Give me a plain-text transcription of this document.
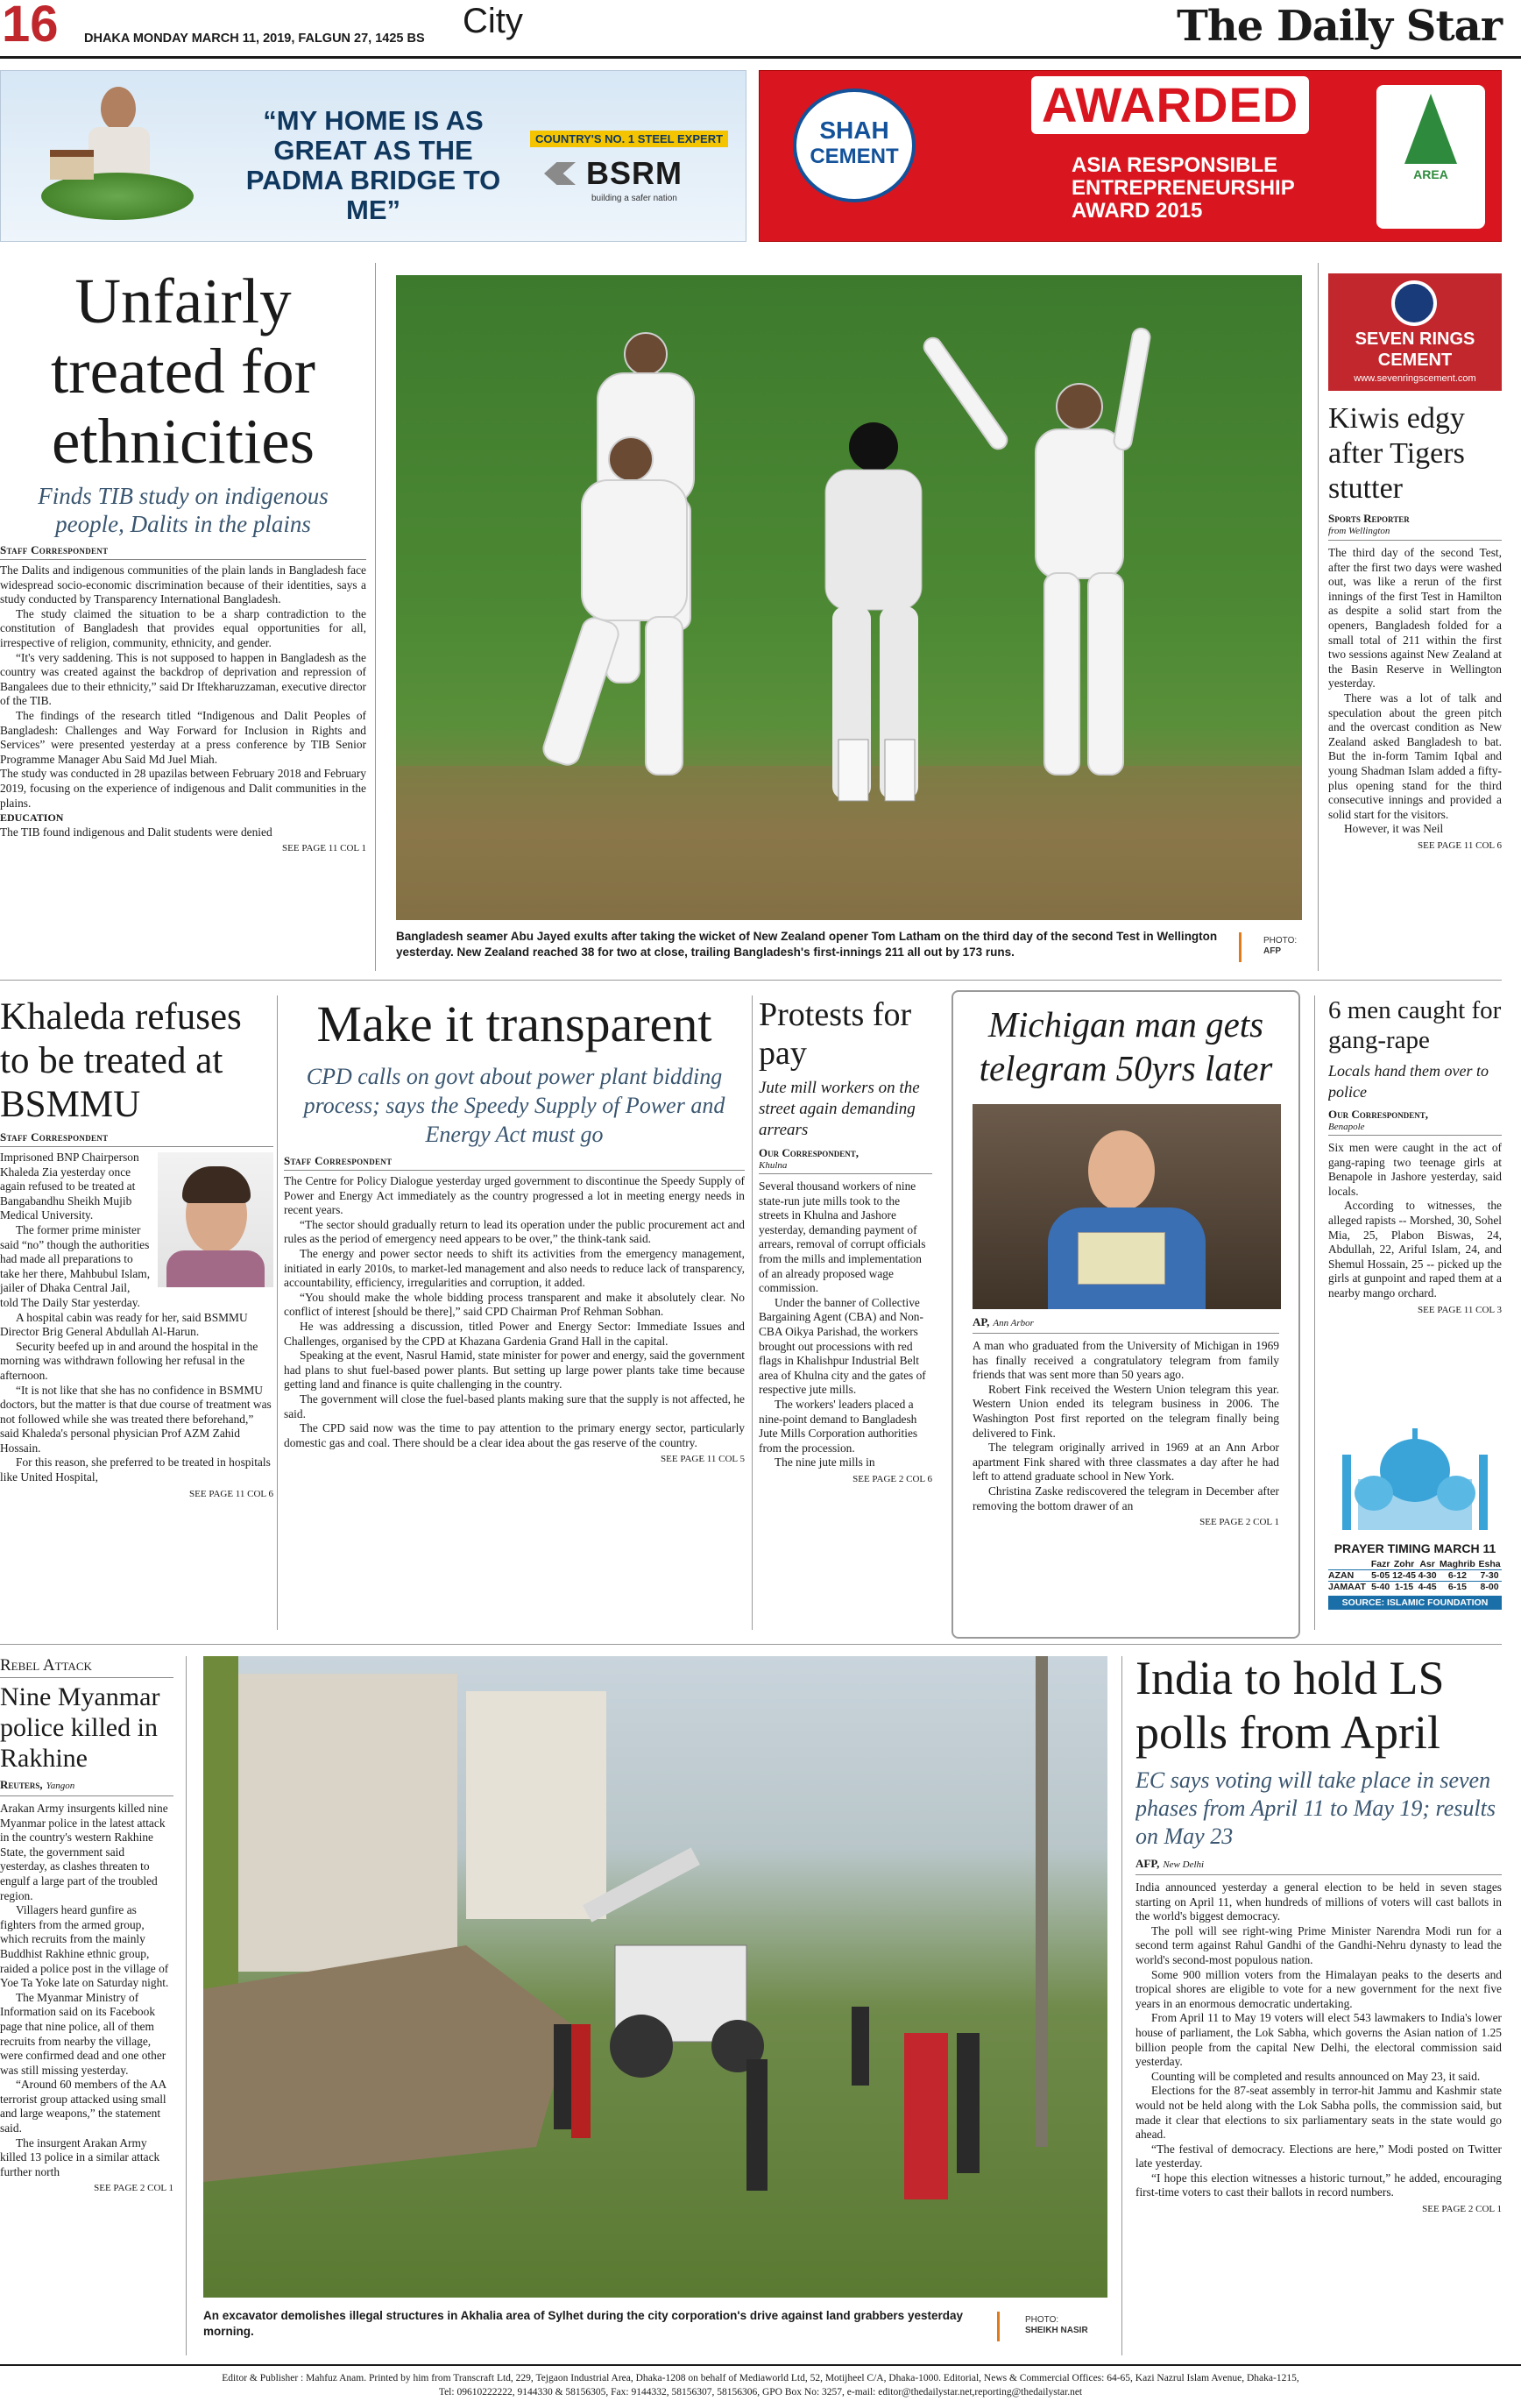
16 DHAKA MONDAY MARCH 11, 2019, FALGUN 27, 1425 BS City	The Daily Star
“MY HOME IS AS GREAT AS THE PADMA BRIDGE TO ME”
COUNTRY'S NO. 1 STEEL EXPERT
BSRM
building a safer nation
SHAH
CEMENT
AWARDED
ASIA RESPONSIBLE
ENTREPRENEURSHIP
AWARD 2015
AREA
SEVEN RINGS
CEMENT
www.sevenringscement.com
Unfairly treated for ethnicities
Finds TIB study on indigenous people, Dalits in the plains
Staff Correspondent

The Dalits and indigenous communities of the plain lands in Bangladesh face widespread socio-economic discrimination because of their identities, says a study conducted by Transparency International Bangladesh.

The study claimed the situation to be a sharp contradiction to the constitution of Bangladesh that provides equal opportunities for all, irrespective of religion, community, ethnicity, and gender.

“It's very saddening. This is not supposed to happen in Bangladesh as the country was created against the backdrop of deprivation and repression of Bangalees due to their ethnicity,” said Dr Iftekharuzzaman, executive director of the TIB.

The findings of the research titled “Indigenous and Dalit Peoples of Bangladesh: Challenges and Way Forward for Inclusion in Rights and Services” were presented yesterday at a press conference by TIB Senior Programme Manager Abu Said Md Juel Miah.

The study was conducted in 28 upazilas between February 2018 and February 2019, focusing on the experience of indigenous and Dalit communities in the plains.

EDUCATION

The TIB found indigenous and Dalit students were denied

SEE PAGE 11 COL 1
Bangladesh seamer Abu Jayed exults after taking the wicket of New Zealand opener Tom Latham on the third day of the second Test in Wellington yesterday. New Zealand reached 38 for two at close, trailing Bangladesh's first-innings 211 all out by 173 runs.
PHOTO:
AFP
Kiwis edgy after Tigers stutter
Sports Reporter
from Wellington

The third day of the second Test, after the first two days were washed out, was like a rerun of the first innings of the first Test in Hamilton as despite a solid start from the openers, Bangladesh folded for a small total of 211 within the first two sessions against New Zealand at the Basin Reserve in Wellington yesterday.

There was a lot of talk and speculation about the green pitch and the overcast condition as New Zealand asked Bangladesh to bat. But the in-form Tamim Iqbal and young Shadman Islam added a fifty-plus opening stand for the third consecutive innings and provided a solid start for the visitors.

However, it was Neil

SEE PAGE 11 COL 6
Khaleda refuses to be treated at BSMMU
Staff Correspondent

Imprisoned BNP Chairperson Khaleda Zia yesterday once again refused to be treated at Bangabandhu Sheikh Mujib Medical University.

The former prime minister said “no” though the authorities had made all preparations to take her there, Mahbubul Islam, jailer of Dhaka Central Jail, told The Daily Star yesterday.

A hospital cabin was ready for her, said BSMMU Director Brig General Abdullah Al-Harun.

Security beefed up in and around the hospital in the morning was withdrawn following her refusal in the afternoon.

“It is not like that she has no confidence in BSMMU doctors, but the matter is that due course of treatment was not followed while she was treated there beforehand,” said Khaleda's personal physician Prof AZM Zahid Hossain.

For this reason, she preferred to be treated in hospitals like United Hospital,

SEE PAGE 11 COL 6
Make it transparent
CPD calls on govt about power plant bidding process; says the Speedy Supply of Power and Energy Act must go
Staff Correspondent

The Centre for Policy Dialogue yesterday urged government to discontinue the Speedy Supply of Power and Energy Act immediately as the country progressed a lot in meeting energy needs in recent years.

“The sector should gradually return to lead its operation under the public procurement act and rules as the period of emergency need appears to be over,” the think-tank said.

The energy and power sector needs to shift its activities from the emergency management, initiated in early 2010s, to market-led management and also needs to reduce lack of transparency, accountability, efficiency, irregularities and corruption, it added.

“You should make the whole bidding process transparent and make it absolutely clear. No conflict of interest [should be there],” said CPD Chairman Prof Rehman Sobhan.

He was addressing a discussion, titled Power and Energy Sector: Immediate Issues and Challenges, organised by the CPD at Khazana Gardenia Grand Hall in the capital.

Speaking at the event, Nasrul Hamid, state minister for power and energy, said the government had plans to shut fuel-based power plants. But setting up large power plants take time because getting land and finance is quite challenging in the country.

The government will close the fuel-based plants making sure that the supply is not affected, he said.

The CPD said now was the time to pay attention to the primary energy sector, particularly domestic gas and coal. There should be a clear idea about the gas reserve of the country.

SEE PAGE 11 COL 5
Protests for pay
Jute mill workers on the street again demanding arrears
Our Correspondent,
Khulna

Several thousand workers of nine state-run jute mills took to the streets in Khulna and Jashore yesterday, demanding payment of arrears, removal of corrupt officials from the mills and implementation of an already proposed wage commission.

Under the banner of Collective Bargaining Agent (CBA) and Non-CBA Oikya Parishad, the workers brought out processions with red flags in Khalishpur Industrial Belt area of Khulna city and the gates of respective jute mills.

The workers' leaders placed a nine-point demand to Bangladesh Jute Mills Corporation authorities from the procession.

The nine jute mills in

SEE PAGE 2 COL 6
Michigan man gets telegram 50yrs later
AP, Ann Arbor

A man who graduated from the University of Michigan in 1969 has finally received a congratulatory telegram from family friends that was sent more than 50 years ago.

Robert Fink received the Western Union telegram this year. Western Union ended its telegram business in 2006. The Washington Post first reported on the telegram finally being delivered to Fink.

The telegram originally arrived in 1969 at an Ann Arbor apartment Fink shared with three classmates a day after he had left to attend graduate school in New York.

Christina Zaske rediscovered the telegram in December after removing the bottom drawer of an

SEE PAGE 2 COL 1
6 men caught for gang-rape
Locals hand them over to police
Our Correspondent,
Benapole

Six men were caught in the act of gang-raping two teenage girls at Benapole in Jashore yesterday, said locals.

According to witnesses, the alleged rapists -- Morshed, 30, Sohel Mia, 25, Plabon Biswas, 24, Abdullah, 22, Ariful Islam, 24, and Shemul Hossain, 25 -- picked up the girls at gunpoint and raped them at a nearby mango orchard.

SEE PAGE 11 COL 3
PRAYER TIMING MARCH 11
	Fazr	Zohr	Asr	Maghrib	Esha
AZAN	5-05	12-45	4-30	6-12	7-30
JAMAAT	5-40	1-15	4-45	6-15	8-00
SOURCE: ISLAMIC FOUNDATION
Rebel Attack
Nine Myanmar police killed in Rakhine
Reuters, Yangon

Arakan Army insurgents killed nine Myanmar police in the latest attack in the country's western Rakhine State, the government said yesterday, as clashes threaten to engulf a large part of the troubled region.

Villagers heard gunfire as fighters from the armed group, which recruits from the mainly Buddhist Rakhine ethnic group, raided a police post in the village of Yoe Ta Yoke late on Saturday night.

The Myanmar Ministry of Information said on its Facebook page that nine police, all of them recruits from nearby the village, were confirmed dead and one other was still missing yesterday.

“Around 60 members of the AA terrorist group attacked using small and large weapons,” the statement said.

The insurgent Arakan Army killed 13 police in a similar attack further north

SEE PAGE 2 COL 1
An excavator demolishes illegal structures in Akhalia area of Sylhet during the city corporation's drive against land grabbers yesterday morning.
PHOTO:
SHEIKH NASIR
India to hold LS polls from April
EC says voting will take place in seven phases from April 11 to May 19; results on May 23
AFP, New Delhi

India announced yesterday a general election to be held in seven stages starting on April 11, when hundreds of millions of voters will cast ballots in the world's biggest democracy.

The poll will see right-wing Prime Minister Narendra Modi run for a second term against Rahul Gandhi of the Gandhi-Nehru dynasty to lead the world's second-most populous nation.

Some 900 million voters from the Himalayan peaks to the deserts and tropical shores are eligible to vote for a new government for the next five years in an enormous democratic undertaking.

From April 11 to May 19 voters will elect 543 lawmakers to India's lower house of parliament, the Lok Sabha, which governs the Asian nation of 1.25 billion people from the capital New Delhi, the electoral commission said yesterday.

Counting will be completed and results announced on May 23, it said.

Elections for the 87-seat assembly in terror-hit Jammu and Kashmir state would not be held along with the Lok Sabha polls, the commission said, but made it clear that elections to six parliamentary seats in the state would go ahead.

“The festival of democracy. Elections are here,” Modi posted on Twitter late yesterday.

“I hope this election witnesses a historic turnout,” he added, encouraging first-time voters to cast their ballots in record numbers.

SEE PAGE 2 COL 1
Editor & Publisher : Mahfuz Anam. Printed by him from Transcraft Ltd, 229, Tejgaon Industrial Area, Dhaka-1208 on behalf of Mediaworld Ltd, 52, Motijheel C/A, Dhaka-1000. Editorial, News & Commercial Offices: 64-65, Kazi Nazrul Islam Avenue, Dhaka-1215,
Tel: 09610222222, 9144330 & 58156305, Fax: 9144332, 58156307, 58156306, GPO Box No: 3257, e-mail: editor@thedailystar.net,reporting@thedailystar.net
